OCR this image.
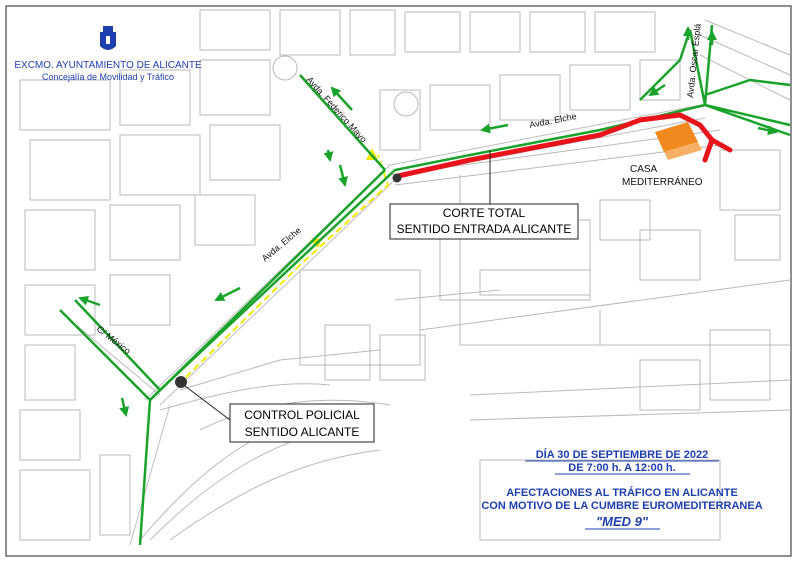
CORTE TOTAL
SENTIDO ENTRADA ALICANTE
CONTROL POLICIAL
SENTIDO ALICANTE
Avda. Elche
Avda. Elche
Avda. Federico Mayo
Avda. Oscar Esplá
C/ México
CASA
MEDITERRÁNEO
EXCMO. AYUNTAMIENTO DE ALICANTE
Concejalía de Movilidad y Tráfico
DÍA 30 DE SEPTIEMBRE DE 2022
DE 7:00 h. A 12:00 h.
AFECTACIONES AL TRÁFICO EN ALICANTE
CON MOTIVO DE LA CUMBRE EUROMEDITERRANEA
"MED 9"
